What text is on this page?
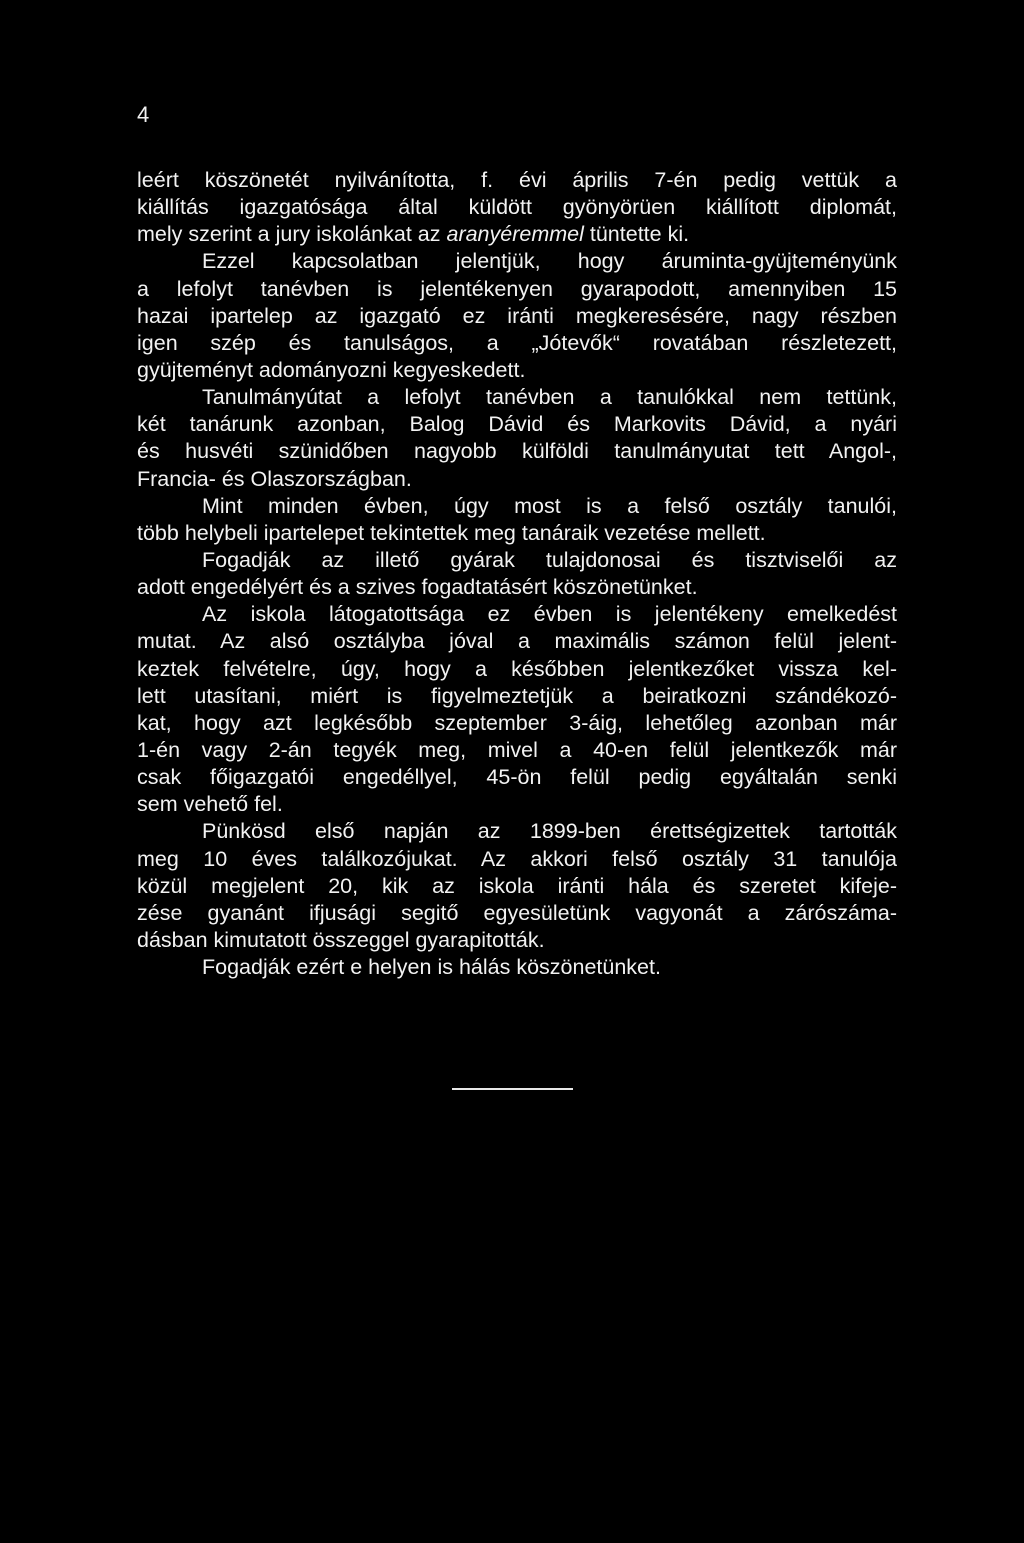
4
leért köszönetét nyilvánította, f. évi április 7-én pedig vettük a
kiállítás igazgatósága által küldött gyönyörüen kiállított diplomát,
mely szerint a jury iskolánkat az aranyéremmel tüntette ki.
Ezzel kapcsolatban jelentjük, hogy áruminta-gyüjteményünk
a lefolyt tanévben is jelentékenyen gyarapodott, amennyiben 15
hazai ipartelep az igazgató ez iránti megkeresésére, nagy részben
igen szép és tanulságos, a „Jótevők“ rovatában részletezett,
gyüjteményt adományozni kegyeskedett.
Tanulmányútat a lefolyt tanévben a tanulókkal nem tettünk,
két tanárunk azonban, Balog Dávid és Markovits Dávid, a nyári
és husvéti szünidőben nagyobb külföldi tanulmányutat tett Angol-,
Francia- és Olaszországban.
Mint minden évben, úgy most is a felső osztály tanulói,
több helybeli ipartelepet tekintettek meg tanáraik vezetése mellett.
Fogadják az illető gyárak tulajdonosai és tisztviselői az
adott engedélyért és a szives fogadtatásért köszönetünket.
Az iskola látogatottsága ez évben is jelentékeny emelkedést
mutat. Az alsó osztályba jóval a maximális számon felül jelent-
keztek felvételre, úgy, hogy a későbben jelentkezőket vissza kel-
lett utasítani, miért is figyelmeztetjük a beiratkozni szándékozó-
kat, hogy azt legkésőbb szeptember 3-áig, lehetőleg azonban már
1-én vagy 2-án tegyék meg, mivel a 40-en felül jelentkezők már
csak főigazgatói engedéllyel, 45-ön felül pedig egyáltalán senki
sem vehető fel.
Pünkösd első napján az 1899-ben érettségizettek tartották
meg 10 éves találkozójukat. Az akkori felső osztály 31 tanulója
közül megjelent 20, kik az iskola iránti hála és szeretet kifeje-
zése gyanánt ifjusági segitő egyesületünk vagyonát a zárószáma-
dásban kimutatott összeggel gyarapitották.
Fogadják ezért e helyen is hálás köszönetünket.
